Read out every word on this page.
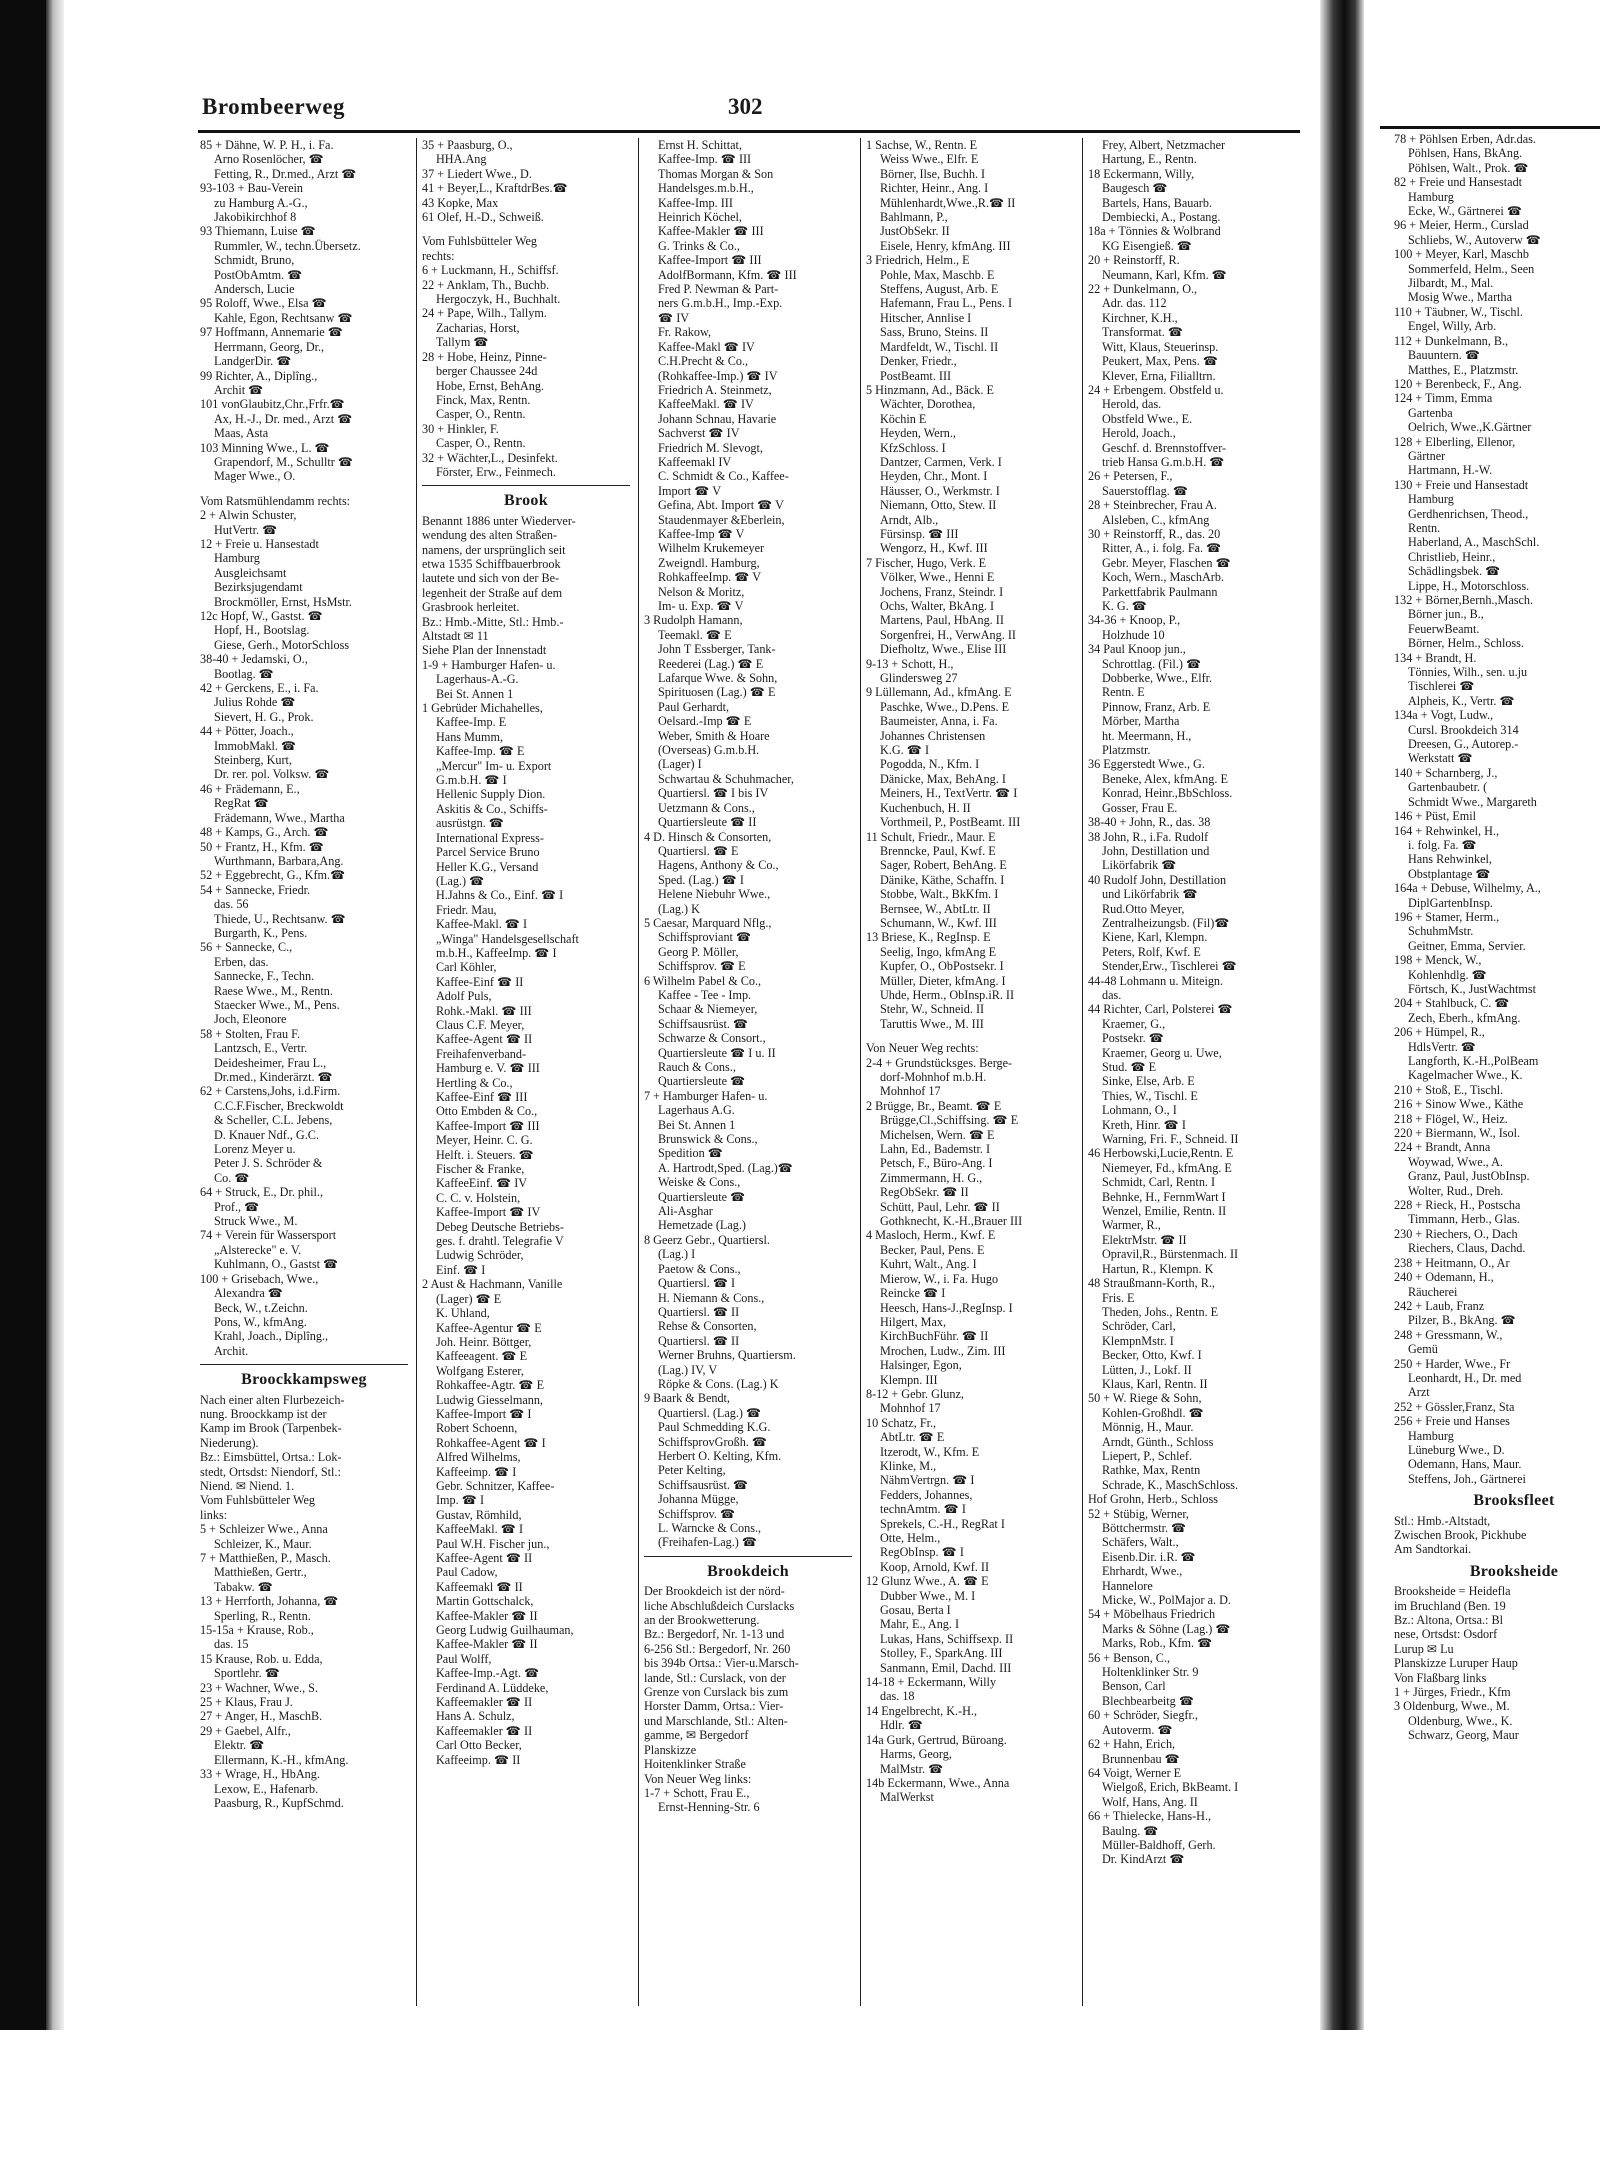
Brombeerweg	302
85 + Dähne, W. P. H., i. Fa.
Arno Rosenlöcher, ☎
Fetting, R., Dr.med., Arzt ☎
93-103 + Bau-Verein
zu Hamburg A.-G.,
Jakobikirchhof 8
93 Thiemann, Luise ☎
Rummler, W., techn.Übersetz.
Schmidt, Bruno,
PostObAmtm. ☎
Andersch, Lucie
95 Roloff, Wwe., Elsa ☎
Kahle, Egon, Rechtsanw ☎
97 Hoffmann, Annemarie ☎
Herrmann, Georg, Dr.,
LandgerDir. ☎
99 Richter, A., Diplîng.,
Archit ☎
101 vonGlaubitz,Chr.,Frfr.☎
Ax, H.-J., Dr. med., Arzt ☎
Maas, Asta
103 Minning Wwe., L. ☎
Grapendorf, M., Schulltr ☎
Mager Wwe., O.
Vom Ratsmühlendamm rechts:
2 + Alwin Schuster,
HutVertr. ☎
12 + Freie u. Hansestadt
Hamburg
Ausgleichsamt
Bezirksjugendamt
Brockmöller, Ernst, HsMstr.
12c Hopf, W., Gastst. ☎
Hopf, H., Bootslag.
Giese, Gerh., MotorSchloss
38-40 + Jedamski, O.,
Bootlag. ☎
42 + Gerckens, E., i. Fa.
Julius Rohde ☎
Sievert, H. G., Prok.
44 + Pötter, Joach.,
ImmobMakl. ☎
Steinberg, Kurt,
Dr. rer. pol. Volksw. ☎
46 + Frädemann, E.,
RegRat ☎
Frädemann, Wwe., Martha
48 + Kamps, G., Arch. ☎
50 + Frantz, H., Kfm. ☎
Wurthmann, Barbara,Ang.
52 + Eggebrecht, G., Kfm.☎
54 + Sannecke, Friedr.
das. 56
Thiede, U., Rechtsanw. ☎
Burgarth, K., Pens.
56 + Sannecke, C.,
Erben, das.
Sannecke, F., Techn.
Raese Wwe., M., Rentn.
Staecker Wwe., M., Pens.
Joch, Eleonore
58 + Stolten, Frau F.
Lantzsch, E., Vertr.
Deidesheimer, Frau L.,
Dr.med., Kinderärzt. ☎
62 + Carstens,Johs, i.d.Firm.
C.C.F.Fischer, Breckwoldt
& Scheller, C.L. Jebens,
D. Knauer Ndf., G.C.
Lorenz Meyer u.
Peter J. S. Schröder &
Co. ☎
64 + Struck, E., Dr. phil.,
Prof., ☎
Struck Wwe., M.
74 + Verein für Wassersport
„Alsterecke" e. V.
Kuhlmann, O., Gastst ☎
100 + Grisebach, Wwe.,
Alexandra ☎
Beck, W., t.Zeichn.
Pons, W., kfmAng.
Krahl, Joach., Diplîng.,
Archit.
Broockkampsweg
Nach einer alten Flurbezeich-
nung. Broockkamp ist der
Kamp im Brook (Tarpenbek-
Niederung).
Bz.: Eimsbüttel, Ortsa.: Lok-
stedt, Ortsdst: Niendorf, Stl.:
Niend. ✉ Niend. 1.
Vom Fuhlsbütteler Weg
links:
5 + Schleizer Wwe., Anna
Schleizer, K., Maur.
7 + Matthießen, P., Masch.
Matthießen, Gertr.,
Tabakw. ☎
13 + Herrforth, Johanna, ☎
Sperling, R., Rentn.
15-15a + Krause, Rob.,
das. 15
15 Krause, Rob. u. Edda,
Sportlehr. ☎
23 + Wachner, Wwe., S.
25 + Klaus, Frau J.
27 + Anger, H., MaschB.
29 + Gaebel, Alfr.,
Elektr. ☎
Ellermann, K.-H., kfmAng.
33 + Wrage, H., HbAng.
Lexow, E., Hafenarb.
Paasburg, R., KupfSchmd.
35 + Paasburg, O.,
HHA.Ang
37 + Liedert Wwe., D.
41 + Beyer,L., KraftdrBes.☎
43 Kopke, Max
61 Olef, H.-D., Schweiß.
Vom Fuhlsbütteler Weg
rechts:
6 + Luckmann, H., Schiffsf.
22 + Anklam, Th., Buchb.
Hergoczyk, H., Buchhalt.
24 + Pape, Wilh., Tallym.
Zacharias, Horst,
Tallym ☎
28 + Hobe, Heinz, Pinne-
berger Chaussee 24d
Hobe, Ernst, BehAng.
Finck, Max, Rentn.
Casper, O., Rentn.
30 + Hinkler, F.
Casper, O., Rentn.
32 + Wächter,L., Desinfekt.
Förster, Erw., Feinmech.
Brook
Benannt 1886 unter Wiederver-
wendung des alten Straßen-
namens, der ursprünglich seit
etwa 1535 Schiffbauerbrook
lautete und sich von der Be-
legenheit der Straße auf dem
Grasbrook herleitet.
Bz.: Hmb.-Mitte, Stl.: Hmb.-
Altstadt ✉ 11
Siehe Plan der Innenstadt
1-9 + Hamburger Hafen- u.
Lagerhaus-A.-G.
Bei St. Annen 1
1 Gebrüder Michahelles,
Kaffee-Imp. E
Hans Mumm,
Kaffee-Imp. ☎ E
„Mercur" Im- u. Export
G.m.b.H. ☎ I
Hellenic Supply Dion.
Askitis & Co., Schiffs-
ausrüstgn. ☎
International Express-
Parcel Service Bruno
Heller K.G., Versand
(Lag.) ☎
H.Jahns & Co., Einf. ☎ I
Friedr. Mau,
Kaffee-Makl. ☎ I
„Winga" Handelsgesellschaft
m.b.H., KaffeeImp. ☎ I
Carl Köhler,
Kaffee-Einf ☎ II
Adolf Puls,
Rohk.-Makl. ☎ III
Claus C.F. Meyer,
Kaffee-Agent ☎ II
Freihafenverband-
Hamburg e. V. ☎ III
Hertling & Co.,
Kaffee-Einf ☎ III
Otto Embden & Co.,
Kaffee-Import ☎ III
Meyer, Heinr. C. G.
Helft. i. Steuers. ☎
Fischer & Franke,
KaffeeEinf. ☎ IV
C. C. v. Holstein,
Kaffee-Import ☎ IV
Debeg Deutsche Betriebs-
ges. f. drahtl. Telegrafie V
Ludwig Schröder,
Einf. ☎ I
2 Aust & Hachmann, Vanille
(Lager) ☎ E
K. Uhland,
Kaffee-Agentur ☎ E
Joh. Heinr. Böttger,
Kaffeeagent. ☎ E
Wolfgang Esterer,
Rohkaffee-Agtr. ☎ E
Ludwig Giesselmann,
Kaffee-Import ☎ I
Robert Schoenn,
Rohkaffee-Agent ☎ I
Alfred Wilhelms,
Kaffeeimp. ☎ I
Gebr. Schnitzer, Kaffee-
Imp. ☎ I
Gustav, Römhild,
KaffeeMakl. ☎ I
Paul W.H. Fischer jun.,
Kaffee-Agent ☎ II
Paul Cadow,
Kaffeemakl ☎ II
Martin Gottschalck,
Kaffee-Makler ☎ II
Georg Ludwig Guilhauman,
Kaffee-Makler ☎ II
Paul Wolff,
Kaffee-Imp.-Agt. ☎
Ferdinand A. Lüddeke,
Kaffeemakler ☎ II
Hans A. Schulz,
Kaffeemakler ☎ II
Carl Otto Becker,
Kaffeeimp. ☎ II
Ernst H. Schittat,
Kaffee-Imp. ☎ III
Thomas Morgan & Son
Handelsges.m.b.H.,
Kaffee-Imp. III
Heinrich Köchel,
Kaffee-Makler ☎ III
G. Trinks & Co.,
Kaffee-Import ☎ III
AdolfBormann, Kfm. ☎ III
Fred P. Newman & Part-
ners G.m.b.H., Imp.-Exp.
☎ IV
Fr. Rakow,
Kaffee-Makl ☎ IV
C.H.Precht & Co.,
(Rohkaffee-Imp.) ☎ IV
Friedrich A. Steinmetz,
KaffeeMakl. ☎ IV
Johann Schnau, Havarie
Sachverst ☎ IV
Friedrich M. Slevogt,
Kaffeemakl IV
C. Schmidt & Co., Kaffee-
Import ☎ V
Gefina, Abt. Import ☎ V
Staudenmayer &Eberlein,
Kaffee-Imp ☎ V
Wilhelm Krukemeyer
Zweigndl. Hamburg,
RohkaffeeImp. ☎ V
Nelson & Moritz,
Im- u. Exp. ☎ V
3 Rudolph Hamann,
Teemakl. ☎ E
John T Essberger, Tank-
Reederei (Lag.) ☎ E
Lafarque Wwe. & Sohn,
Spirituosen (Lag.) ☎ E
Paul Gerhardt,
Oelsard.-Imp ☎ E
Weber, Smith & Hoare
(Overseas) G.m.b.H.
(Lager) I
Schwartau & Schuhmacher,
Quartiersl. ☎ I bis IV
Uetzmann & Cons.,
Quartiersleute ☎ II
4 D. Hinsch & Consorten,
Quartiersl. ☎ E
Hagens, Anthony & Co.,
Sped. (Lag.) ☎ I
Helene Niebuhr Wwe.,
(Lag.) K
5 Caesar, Marquard Nflg.,
Schiffsproviant ☎
Georg P. Möller,
Schiffsprov. ☎ E
6 Wilhelm Pabel & Co.,
Kaffee - Tee - Imp.
Schaar & Niemeyer,
Schiffsausrüst. ☎
Schwarze & Consort.,
Quartiersleute ☎ I u. II
Rauch & Cons.,
Quartiersleute ☎
7 + Hamburger Hafen- u.
Lagerhaus A.G.
Bei St. Annen 1
Brunswick & Cons.,
Spedition ☎
A. Hartrodt,Sped. (Lag.)☎
Weiske & Cons.,
Quartiersleute ☎
Ali-Asghar
Hemetzade (Lag.)
8 Geerz Gebr., Quartiersl.
(Lag.) I
Paetow & Cons.,
Quartiersl. ☎ I
H. Niemann & Cons.,
Quartiersl. ☎ II
Rehse & Consorten,
Quartiersl. ☎ II
Werner Bruhns, Quartiersm.
(Lag.) IV, V
Röpke & Cons. (Lag.) K
9 Baark & Bendt,
Quartiersl. (Lag.) ☎
Paul Schmedding K.G.
SchiffsprovGroßh. ☎
Herbert O. Kelting, Kfm.
Peter Kelting,
Schiffsausrüst. ☎
Johanna Mügge,
Schiffsprov. ☎
L. Warncke & Cons.,
(Freihafen-Lag.) ☎
Brookdeich
Der Brookdeich ist der nörd-
liche Abschlußdeich Curslacks
an der Brookwetterung.
Bz.: Bergedorf, Nr. 1-13 und
6-256 Stl.: Bergedorf, Nr. 260
bis 394b Ortsa.: Vier-u.Marsch-
lande, Stl.: Curslack, von der
Grenze von Curslack bis zum
Horster Damm, Ortsa.: Vier-
und Marschlande, Stl.: Alten-
gamme, ✉ Bergedorf
Planskizze
Hoitenklinker Straße
Von Neuer Weg links:
1-7 + Schott, Frau E.,
Ernst-Henning-Str. 6
1 Sachse, W., Rentn. E
Weiss Wwe., Elfr. E
Börner, Ilse, Buchh. I
Richter, Heinr., Ang. I
Mühlenhardt,Wwe.,R.☎ II
Bahlmann, P.,
JustObSekr. II
Eisele, Henry, kfmAng. III
3 Friedrich, Helm., E
Pohle, Max, Maschb. E
Steffens, August, Arb. E
Hafemann, Frau L., Pens. I
Hitscher, Annlise I
Sass, Bruno, Steins. II
Mardfeldt, W., Tischl. II
Denker, Friedr.,
PostBeamt. III
5 Hinzmann, Ad., Bäck. E
Wächter, Dorothea,
Köchin E
Heyden, Wern.,
KfzSchloss. I
Dantzer, Carmen, Verk. I
Heyden, Chr., Mont. I
Häusser, O., Werkmstr. I
Niemann, Otto, Stew. II
Arndt, Alb.,
Fürsinsp. ☎ III
Wengorz, H., Kwf. III
7 Fischer, Hugo, Verk. E
Völker, Wwe., Henni E
Jochens, Franz, Steindr. I
Ochs, Walter, BkAng. I
Martens, Paul, HbAng. II
Sorgenfrei, H., VerwAng. II
Diefholtz, Wwe., Elise III
9-13 + Schott, H.,
Glindersweg 27
9 Lüllemann, Ad., kfmAng. E
Paschke, Wwe., D.Pens. E
Baumeister, Anna, i. Fa.
Johannes Christensen
K.G. ☎ I
Pogodda, N., Kfm. I
Dänicke, Max, BehAng. I
Meiners, H., TextVertr. ☎ I
Kuchenbuch, H. II
Vorthmeil, P., PostBeamt. III
11 Schult, Friedr., Maur. E
Brenncke, Paul, Kwf. E
Sager, Robert, BehAng. E
Dänike, Käthe, Schaffn. I
Stobbe, Walt., BkKfm. I
Bernsee, W., AbtLtr. II
Schumann, W., Kwf. III
13 Briese, K., RegInsp. E
Seelig, Ingo, kfmAng E
Kupfer, O., ObPostsekr. I
Müller, Dieter, kfmAng. I
Uhde, Herm., ObInsp.iR. II
Stehr, W., Schneid. II
Taruttis Wwe., M. III
Von Neuer Weg rechts:
2-4 + Grundstücksges. Berge-
dorf-Mohnhof m.b.H.
Mohnhof 17
2 Brügge, Br., Beamt. ☎ E
Brügge,Cl.,Schiffsing. ☎ E
Michelsen, Wern. ☎ E
Lahn, Ed., Bademstr. I
Petsch, F., Büro-Ang. I
Zimmermann, H. G.,
RegObSekr. ☎ II
Schütt, Paul, Lehr. ☎ II
Gothknecht, K.-H.,Brauer III
4 Masloch, Herm., Kwf. E
Becker, Paul, Pens. E
Kuhrt, Walt., Ang. I
Mierow, W., i. Fa. Hugo
Reincke ☎ I
Heesch, Hans-J.,RegInsp. I
Hilgert, Max,
KirchBuchFühr. ☎ II
Mrochen, Ludw., Zim. III
Halsinger, Egon,
Klempn. III
8-12 + Gebr. Glunz,
Mohnhof 17
10 Schatz, Fr.,
AbtLtr. ☎ E
Itzerodt, W., Kfm. E
Klinke, M.,
NähmVertrgn. ☎ I
Fedders, Johannes,
technAmtm. ☎ I
Sprekels, C.-H., RegRat I
Otte, Helm.,
RegObInsp. ☎ I
Koop, Arnold, Kwf. II
12 Glunz Wwe., A. ☎ E
Dubber Wwe., M. I
Gosau, Berta I
Mahr, E., Ang. I
Lukas, Hans, Schiffsexp. II
Stolley, F., SparkAng. III
Sanmann, Emil, Dachd. III
14-18 + Eckermann, Willy
das. 18
14 Engelbrecht, K.-H.,
Hdlr. ☎
14a Gurk, Gertrud, Büroang.
Harms, Georg,
MalMstr. ☎
14b Eckermann, Wwe., Anna
MalWerkst
Frey, Albert, Netzmacher
Hartung, E., Rentn.
18 Eckermann, Willy,
Baugesch ☎
Bartels, Hans, Bauarb.
Dembiecki, A., Postang.
18a + Tönnies & Wolbrand
KG Eisengieß. ☎
20 + Reinstorff, R.
Neumann, Karl, Kfm. ☎
22 + Dunkelmann, O.,
Adr. das. 112
Kirchner, K.H.,
Transformat. ☎
Witt, Klaus, Steuerinsp.
Peukert, Max, Pens. ☎
Klever, Erna, Filialltrn.
24 + Erbengem. Obstfeld u.
Herold, das.
Obstfeld Wwe., E.
Herold, Joach.,
Geschf. d. Brennstoffver-
trieb Hansa G.m.b.H. ☎
26 + Petersen, F.,
Sauerstofflag. ☎
28 + Steinbrecher, Frau A.
Alsleben, C., kfmAng
30 + Reinstorff, R., das. 20
Ritter, A., i. folg. Fa. ☎
Gebr. Meyer, Flaschen ☎
Koch, Wern., MaschArb.
Parkettfabrik Paulmann
K. G. ☎
34-36 + Knoop, P.,
Holzhude 10
34 Paul Knoop jun.,
Schrottlag. (Fil.) ☎
Dobberke, Wwe., Elfr.
Rentn. E
Pinnow, Franz, Arb. E
Mörber, Martha
ht. Meermann, H.,
Platzmstr.
36 Eggerstedt Wwe., G.
Beneke, Alex, kfmAng. E
Konrad, Heinr.,BbSchloss.
Gosser, Frau E.
38-40 + John, R., das. 38
38 John, R., i.Fa. Rudolf
John, Destillation und
Likörfabrik ☎
40 Rudolf John, Destillation
und Likörfabrik ☎
Rud.Otto Meyer,
Zentralheizungsb. (Fil)☎
Kiene, Karl, Klempn.
Peters, Rolf, Kwf. E
Stender,Erw., Tischlerei ☎
44-48 Lohmann u. Miteign.
das.
44 Richter, Carl, Polsterei ☎
Kraemer, G.,
Postsekr. ☎
Kraemer, Georg u. Uwe,
Stud. ☎ E
Sinke, Else, Arb. E
Thies, W., Tischl. E
Lohmann, O., I
Kreth, Hinr. ☎ I
Warning, Fri. F., Schneid. II
46 Herbowski,Lucie,Rentn. E
Niemeyer, Fd., kfmAng. E
Schmidt, Carl, Rentn. I
Behnke, H., FernmWart I
Wenzel, Emilie, Rentn. II
Warmer, R.,
ElektrMstr. ☎ II
Opravil,R., Bürstenmach. II
Hartun, R., Klempn. K
48 Straußmann-Korth, R.,
Fris. E
Theden, Johs., Rentn. E
Schröder, Carl,
KlempnMstr. I
Becker, Otto, Kwf. I
Lütten, J., Lokf. II
Klaus, Karl, Rentn. II
50 + W. Riege & Sohn,
Kohlen-Großhdl. ☎
Mönnig, H., Maur.
Arndt, Günth., Schloss
Liepert, P., Schlef.
Rathke, Max, Rentn
Schrade, K., MaschSchloss.
Hof Grohn, Herb., Schloss
52 + Stübig, Werner,
Böttchermstr. ☎
Schäfers, Walt.,
Eisenb.Dir. i.R. ☎
Ehrhardt, Wwe.,
Hannelore
Micke, W., PolMajor a. D.
54 + Möbelhaus Friedrich
Marks & Söhne (Lag.) ☎
Marks, Rob., Kfm. ☎
56 + Benson, C.,
Holtenklinker Str. 9
Benson, Carl
Blechbearbeitg ☎
60 + Schröder, Siegfr.,
Autoverm. ☎
62 + Hahn, Erich,
Brunnenbau ☎
64 Voigt, Werner E
Wielgoß, Erich, BkBeamt. I
Wolf, Hans, Ang. II
66 + Thielecke, Hans-H.,
Baulng. ☎
Müller-Baldhoff, Gerh.
Dr. KindArzt ☎
78 + Pöhlsen Erben, Adr.das.
Pöhlsen, Hans, BkAng.
Pöhlsen, Walt., Prok. ☎
82 + Freie und Hansestadt
Hamburg
Ecke, W., Gärtnerei ☎
96 + Meier, Herm., Curslad
Schliebs, W., Autoverw ☎
100 + Meyer, Karl, Maschb
Sommerfeld, Helm., Seen
Jilbardt, M., Mal.
Mosig Wwe., Martha
110 + Täubner, W., Tischl.
Engel, Willy, Arb.
112 + Dunkelmann, B.,
Bauuntern. ☎
Matthes, E., Platzmstr.
120 + Berenbeck, F., Ang.
124 + Timm, Emma
Gartenba
Oelrich, Wwe.,K.Gärtner
128 + Elberling, Ellenor,
Gärtner
Hartmann, H.-W.
130 + Freie und Hansestadt
Hamburg
Gerdhenrichsen, Theod.,
Rentn.
Haberland, A., MaschSchl.
Christlieb, Heinr.,
Schädlingsbek. ☎
Lippe, H., Motorschloss.
132 + Börner,Bernh.,Masch.
Börner jun., B.,
FeuerwBeamt.
Börner, Helm., Schloss.
134 + Brandt, H.
Tönnies, Wilh., sen. u.ju
Tischlerei ☎
Alpheis, K., Vertr. ☎
134a + Vogt, Ludw.,
Cursl. Brookdeich 314
Dreesen, G., Autorep.-
Werkstatt ☎
140 + Scharnberg, J.,
Gartenbaubetr. (
Schmidt Wwe., Margareth
146 + Püst, Emil
164 + Rehwinkel, H.,
i. folg. Fa. ☎
Hans Rehwinkel,
Obstplantage ☎
164a + Debuse, Wilhelmy, A.,
DiplGartenbInsp.
196 + Stamer, Herm.,
SchuhmMstr.
Geitner, Emma, Servier.
198 + Menck, W.,
Kohlenhdlg. ☎
Förtsch, K., JustWachtmst
204 + Stahlbuck, C. ☎
Zech, Eberh., kfmAng.
206 + Hümpel, R.,
HdlsVertr. ☎
Langforth, K.-H.,PolBeam
Kagelmacher Wwe., K.
210 + Stoß, E., Tischl.
216 + Sinow Wwe., Käthe
218 + Flögel, W., Heiz.
220 + Biermann, W., Isol.
224 + Brandt, Anna
Woywad, Wwe., A.
Granz, Paul, JustObInsp.
Wolter, Rud., Dreh.
228 + Rieck, H., Postscha
Timmann, Herb., Glas.
230 + Riechers, O., Dach
Riechers, Claus, Dachd.
238 + Heitmann, O., Ar
240 + Odemann, H.,
Räucherei
242 + Laub, Franz
Pilzer, B., BkAng. ☎
248 + Gressmann, W.,
Gemü
250 + Harder, Wwe., Fr
Leonhardt, H., Dr. med
Arzt
252 + Gössler,Franz, Sta
256 + Freie und Hanses
Hamburg
Lüneburg Wwe., D.
Odemann, Hans, Maur.
Steffens, Joh., Gärtnerei
Brooksfleet
Stl.: Hmb.-Altstadt,
Zwischen Brook, Pickhube
Am Sandtorkai.
Brooksheide
Brooksheide = Heidefla
im Bruchland (Ben. 19
Bz.: Altona, Ortsa.: Bl
nese, Ortsdst: Osdorf
Lurup ✉ Lu
Planskizze Luruper Haup
Von Flaßbarg links
1 + Jürges, Friedr., Kfm
3 Oldenburg, Wwe., M.
Oldenburg, Wwe., K.
Schwarz, Georg, Maur
